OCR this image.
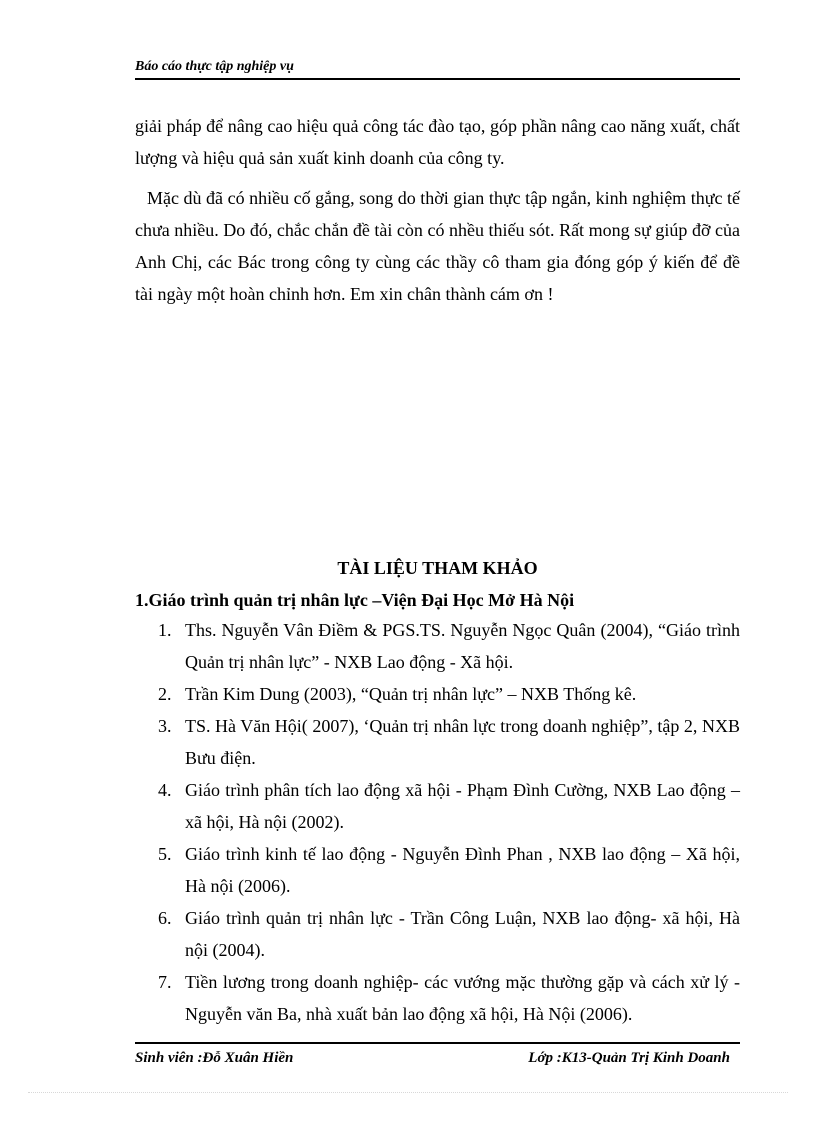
Báo cáo thực tập nghiệp vụ

giải pháp để nâng cao hiệu quả công tác đào tạo, góp phần nâng cao năng xuất, chất lượng và hiệu quả sản xuất kinh doanh của công ty.

Mặc dù đã có nhiều cố gắng, song do thời gian thực tập ngắn, kinh nghiệm thực tế chưa nhiều. Do đó, chắc chắn đề tài còn có nhều thiếu sót. Rất mong sự giúp đỡ của Anh Chị, các Bác trong công ty cùng các thầy cô tham gia đóng góp ý kiến để đề tài ngày một hoàn chỉnh hơn. Em xin chân thành cám ơn !

TÀI LIỆU THAM KHẢO
1.Giáo trình quản trị nhân lực –Viện Đại Học Mở Hà Nội
1. Ths. Nguyễn Vân Điềm & PGS.TS. Nguyễn Ngọc Quân (2004), “Giáo trình Quản trị nhân lực” - NXB Lao động - Xã hội.
2. Trần Kim Dung (2003), “Quản trị nhân lực” – NXB Thống kê.
3. TS. Hà Văn Hội( 2007), ‘Quản trị nhân lực trong doanh nghiệp”, tập 2, NXB Bưu điện.
4. Giáo trình phân tích lao động xã hội - Phạm Đình Cường, NXB Lao động – xã hội, Hà nội (2002).
5. Giáo trình kinh tế lao động - Nguyễn Đình Phan , NXB lao động – Xã hội, Hà nội (2006).
6. Giáo trình quản trị nhân lực - Trần Công Luận, NXB lao động- xã hội, Hà nội (2004).
7. Tiền lương trong doanh nghiệp- các vướng mặc thường gặp và cách xử lý - Nguyễn văn Ba, nhà xuất bản lao động xã hội, Hà Nội (2006).
Sinh viên :Đỗ Xuân Hiền	Lớp :K13-Quản Trị Kinh Doanh
